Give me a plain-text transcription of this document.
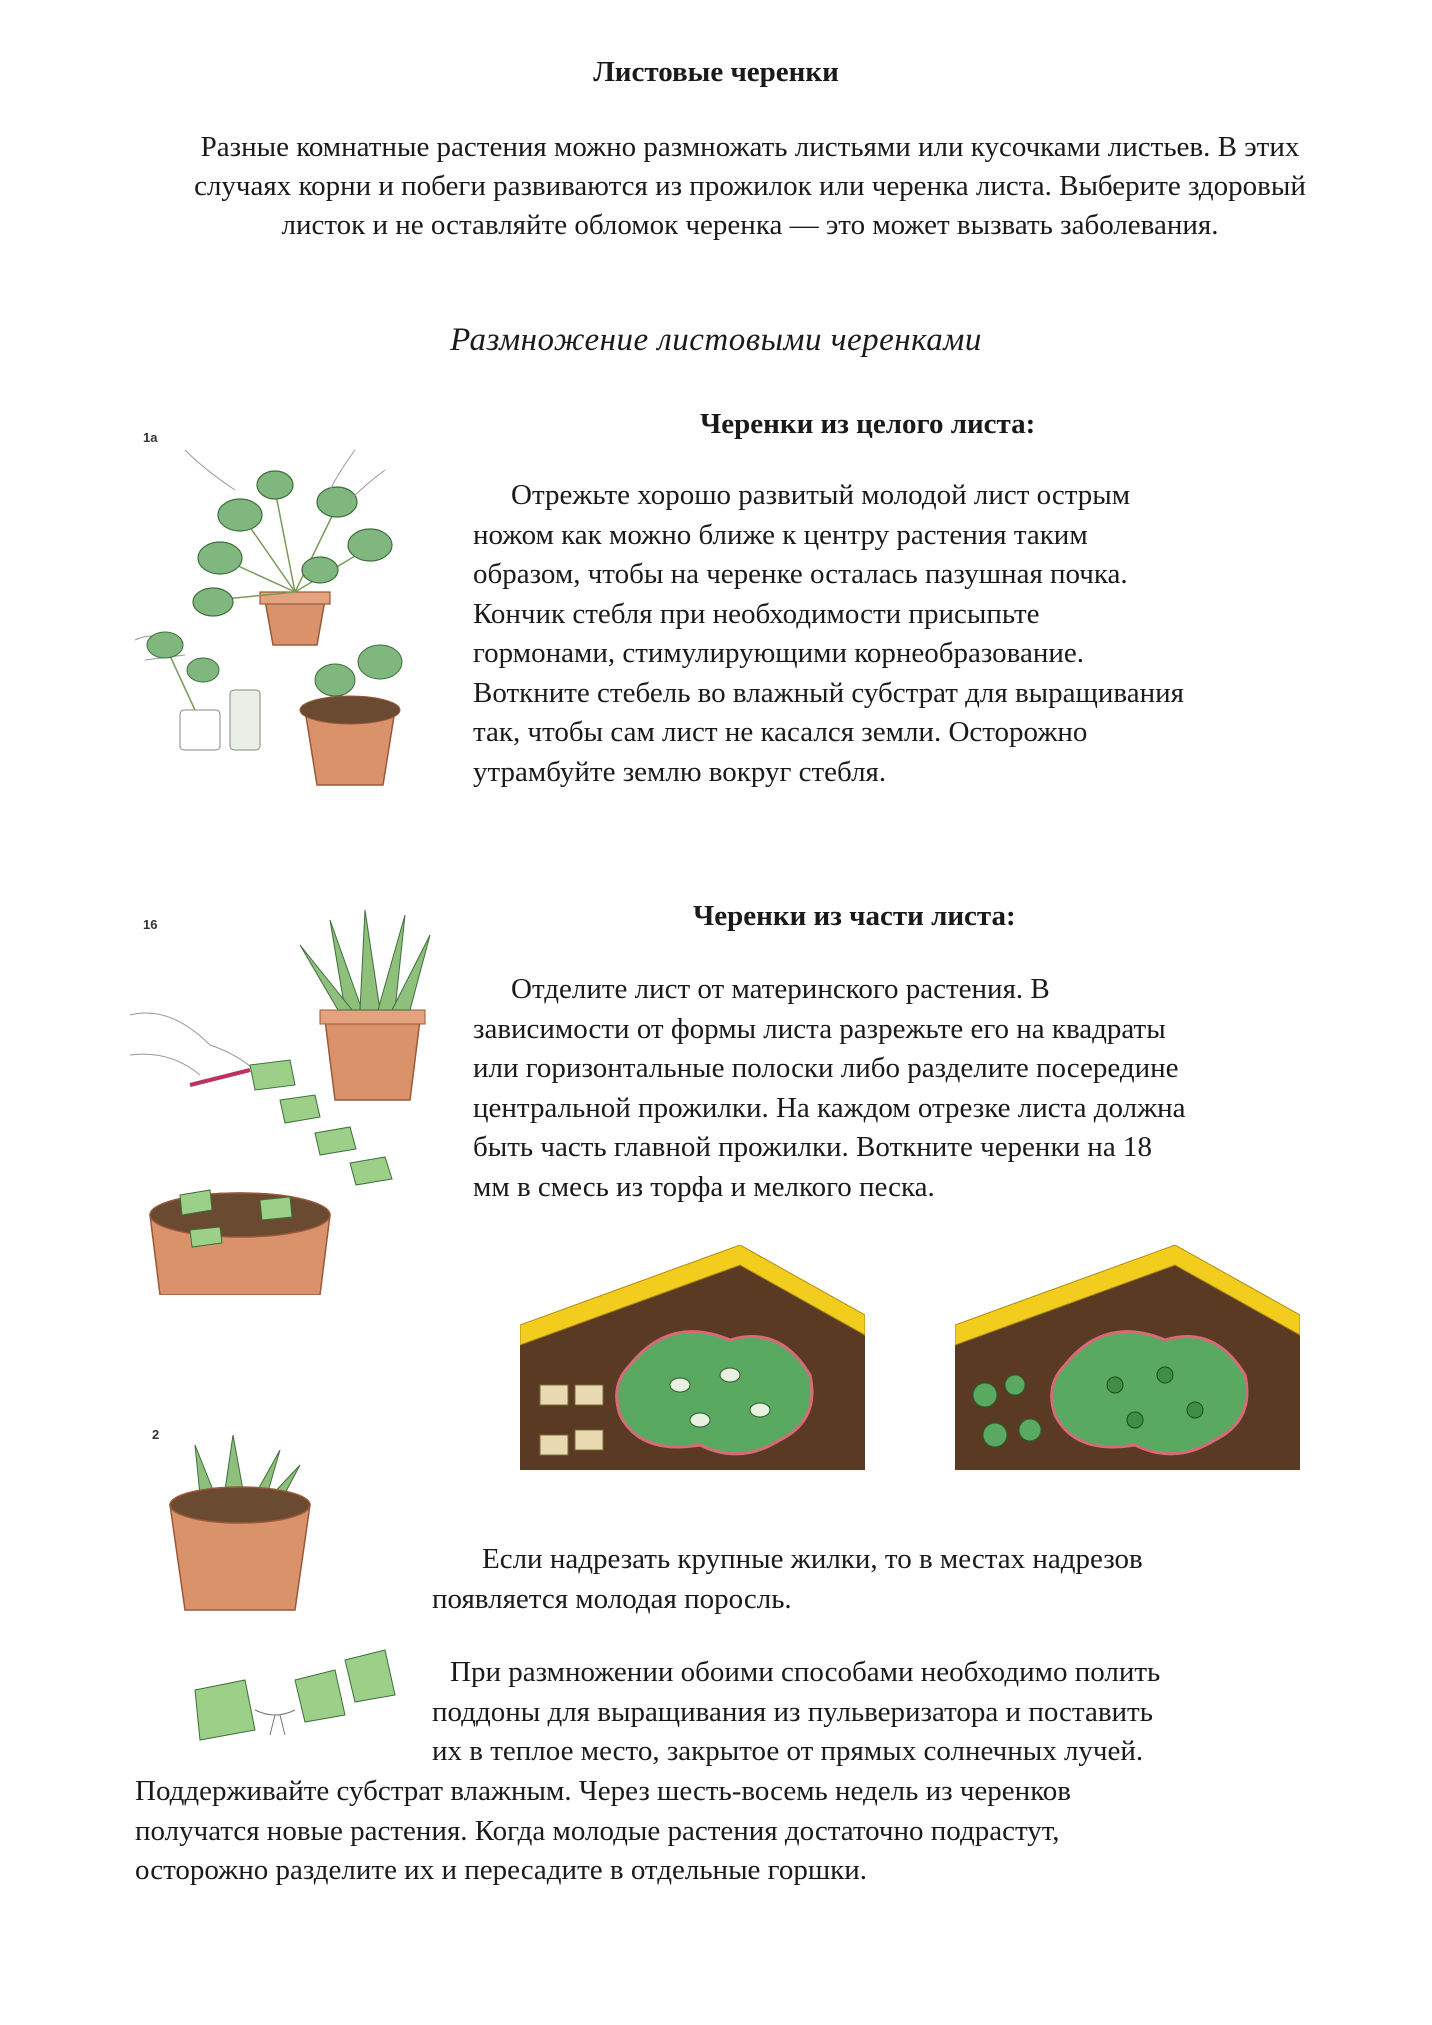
Листовые черенки
Разные комнатные растения можно размножать листьями или кусочками листьев. В этих случаях корни и побеги развиваются из прожилок или черенка листа. Выберите здоровый листок и не оставляйте обломок черенка — это может вызвать заболевания.
Размножение листовыми черенками
Черенки из целого листа:
Отрежьте хорошо развитый молодой лист острым
ножом как можно ближе к центру растения таким
образом, чтобы на черенке осталась пазушная почка.
Кончик стебля при необходимости присыпьте
гормонами, стимулирующими корнеобразование.
Воткните стебель во влажный субстрат для выращивания
так, чтобы сам лист не касался земли. Осторожно
утрамбуйте землю вокруг стебля.
1a
Черенки из части листа:
Отделите лист от материнского растения. В
зависимости от формы листа разрежьте его на квадраты
или горизонтальные полоски либо разделите посередине
центральной прожилки. На каждом отрезке листа должна
быть часть главной прожилки. Воткните черенки на 18
мм в смесь из торфа и мелкого песка.
16
2
Если надрезать крупные жилки, то в местах надрезов
появляется молодая поросль.
При размножении обоими способами необходимо полить
поддоны для выращивания из пульверизатора и поставить
их в теплое место, закрытое от прямых солнечных лучей.
Поддерживайте субстрат влажным. Через шесть-восемь недель из черенков
получатся новые растения. Когда молодые растения достаточно подрастут,
осторожно разделите их и пересадите в отдельные горшки.
